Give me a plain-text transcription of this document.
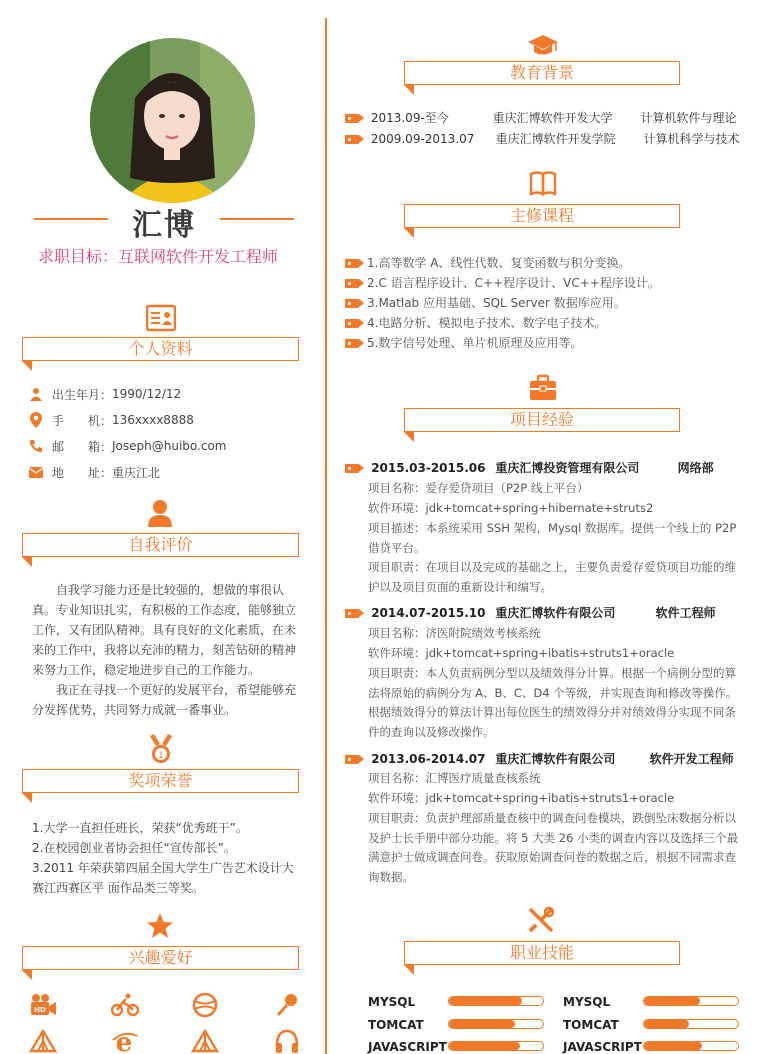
汇博
求职目标：互联网软件开发工程师
个人资料
出生年月： 1990/12/12
手　　机： 136xxxx8888
邮　　箱： Joseph@huibo.com
地　　址： 重庆江北
自我评价
自我学习能力还是比较强的，想做的事很认真。专业知识扎实，有积极的工作态度，能够独立工作，又有团队精神。具有良好的文化素质，在未来的工作中，我将以充沛的精力，刻苦钻研的精神来努力工作，稳定地进步自己的工作能力。
我正在寻找一个更好的发展平台，希望能够充分发挥优势，共同努力成就一番事业。
1
奖项荣誉
1.大学一直担任班长，荣获“优秀班干”。
2.在校园创业者协会担任“宣传部长”。
3.2011 年荣获第四届全国大学生广告艺术设计大赛江西赛区平 面作品类三等奖。
兴趣爱好
HD
e
教育背景
2013.09-至今	重庆汇博软件开发大学 计算机软件与理论
2009.09-2013.07 重庆汇博软件开发学院 计算机科学与技术
主修课程
1.高等数学 A、线性代数、复变函数与积分变换。
2.C 语言程序设计、C++程序设计、VC++程序设计。
3.Matlab 应用基础、SQL Server 数据库应用。
4.电路分析、模拟电子技术、数字电子技术。
5.数字信号处理、单片机原理及应用等。
项目经验
2015.03-2015.06 重庆汇博投资管理有限公司	网络部
项目名称：爱存爱贷项目（P2P 线上平台）
软件环境：jdk+tomcat+spring+hibernate+struts2
项目描述：本系统采用 SSH 架构，Mysql 数据库。提供一个线上的 P2P 借贷平台。
项目职责：在项目以及完成的基础之上，主要负责爱存爱贷项目功能的维护以及项目页面的重新设计和编写。
2014.07-2015.10 重庆汇博软件有限公司	软件工程师
项目名称：济医附院绩效考核系统
软件环境：jdk+tomcat+spring+ibatis+struts1+oracle
项目职责：本人负责病例分型以及绩效得分计算。根据一个病例分型的算法将原始的病例分为 A、B、C、D4 个等级，并实现查询和修改等操作。根据绩效得分的算法计算出每位医生的绩效得分并对绩效得分实现不同条件的查询以及修改操作。
2013.06-2014.07 重庆汇博软件有限公司	软件开发工程师
项目名称：汇博医疗质量查核系统
软件环境：jdk+tomcat+spring+ibatis+struts1+oracle
项目职责：负责护理部质量查核中的调查问卷模块，跌倒坠床数据分析以及护士长手册中部分功能。将 5 大类 26 小类的调查内容以及选择三个最满意护士做成调查问卷。获取原始调查问卷的数据之后，根据不同需求查询数据。
职业技能
MYSQL
TOMCAT
JAVASCRIPT
MYSQL
TOMCAT
JAVASCRIPT
